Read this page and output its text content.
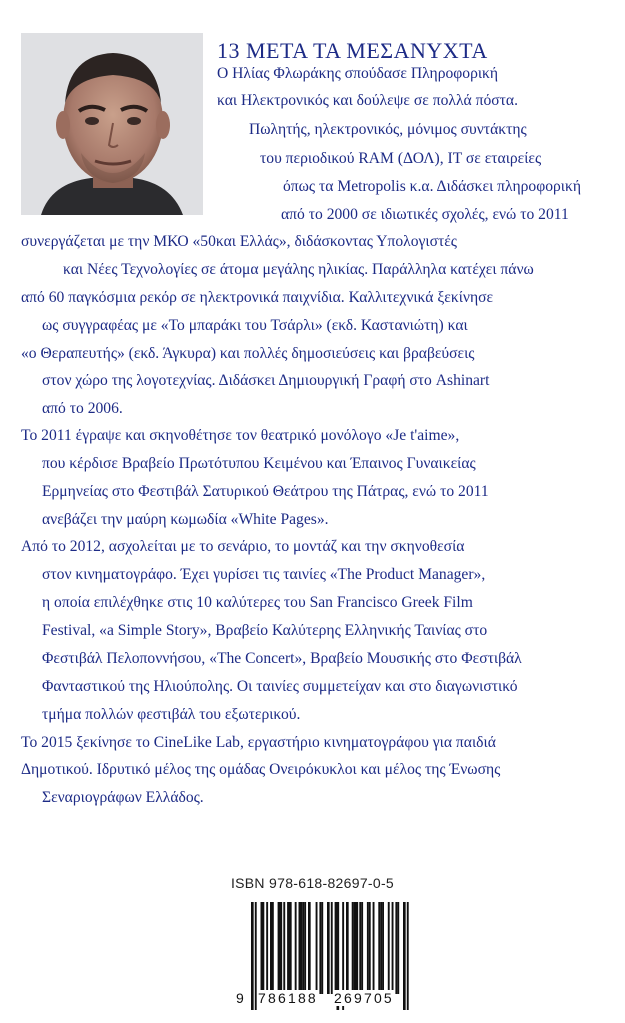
13 ΜΕΤΑ ΤΑ ΜΕΣΑΝΥΧΤΑ
Ο Ηλίας Φλωράκης σπούδασε Πληροφορική
και Ηλεκτρονικός και δούλεψε σε πολλά πόστα.
Πωλητής, ηλεκτρονικός, μόνιμος συντάκτης
του περιοδικού RAM (ΔΟΛ), IT σε εταιρείες
όπως τα Metropolis κ.α. Διδάσκει πληροφορική
από το 2000 σε ιδιωτικές σχολές, ενώ το 2011
συνεργάζεται με την ΜΚΟ «50και Ελλάς», διδάσκοντας Υπολογιστές
και Νέες Τεχνολογίες σε άτομα μεγάλης ηλικίας. Παράλληλα κατέχει πάνω
από 60 παγκόσμια ρεκόρ σε ηλεκτρονικά παιχνίδια. Καλλιτεχνικά ξεκίνησε
ως συγγραφέας με «Το μπαράκι του Τσάρλι» (εκδ. Καστανιώτη) και
«ο Θεραπευτής» (εκδ. Άγκυρα) και πολλές δημοσιεύσεις και βραβεύσεις
στον χώρο της λογοτεχνίας. Διδάσκει Δημιουργική Γραφή στο Ashinart
από το 2006.
Το 2011 έγραψε και σκηνοθέτησε τον θεατρικό μονόλογο «Je t'aime»,
που κέρδισε Βραβείο Πρωτότυπου Κειμένου και Έπαινος Γυναικείας
Ερμηνείας στο Φεστιβάλ Σατυρικού Θεάτρου της Πάτρας, ενώ το 2011
ανεβάζει την μαύρη κωμωδία «White Pages».
Από το 2012, ασχολείται με το σενάριο, το μοντάζ και την σκηνοθεσία
στον κινηματογράφο. Έχει γυρίσει τις ταινίες «The Product Manager»,
η οποία επιλέχθηκε στις 10 καλύτερες του San Francisco Greek Film
Festival, «a Simple Story», Βραβείο Καλύτερης Ελληνικής Ταινίας στο
Φεστιβάλ Πελοποννήσου, «The Concert», Βραβείο Μουσικής στο Φεστιβάλ
Φανταστικού της Ηλιούπολης. Οι ταινίες συμμετείχαν και στο διαγωνιστικό
τμήμα πολλών φεστιβάλ του εξωτερικού.
Το 2015 ξεκίνησε το CineLike Lab, εργαστήριο κινηματογράφου για παιδιά
Δημοτικού. Ιδρυτικό μέλος της ομάδας Ονειρόκυκλοι και μέλος της Ένωσης
Σεναριογράφων Ελλάδος.
ISBN 978-618-82697-0-5
9 786188 269705
